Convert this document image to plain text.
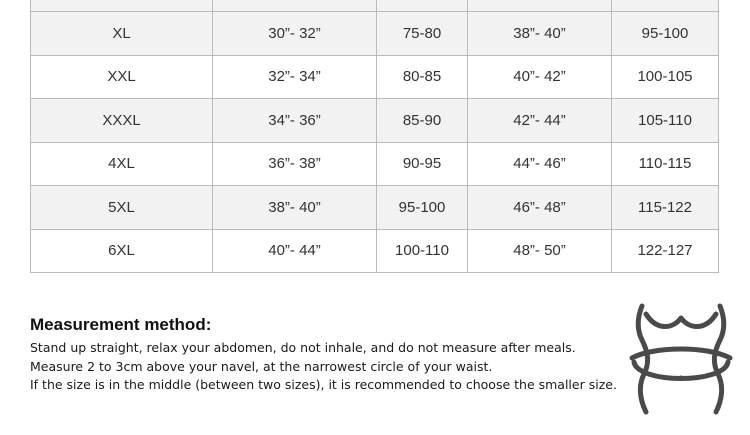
XL	30”- 32”	75-80	38”- 40”	95-100
XXL	32”- 34”	80-85	40”- 42”	100-105
XXXL	34”- 36”	85-90	42”- 44”	105-110
4XL	36”- 38”	90-95	44”- 46”	110-115
5XL	38”- 40”	95-100	46”- 48”	115-122
6XL	40”- 44”	100-110	48”- 50”	122-127
Measurement method:

Stand up straight, relax your abdomen, do not inhale, and do not measure after meals.

Measure 2 to 3cm above your navel, at the narrowest circle of your waist.

If the size is in the middle (between two sizes), it is recommended to choose the smaller size.
